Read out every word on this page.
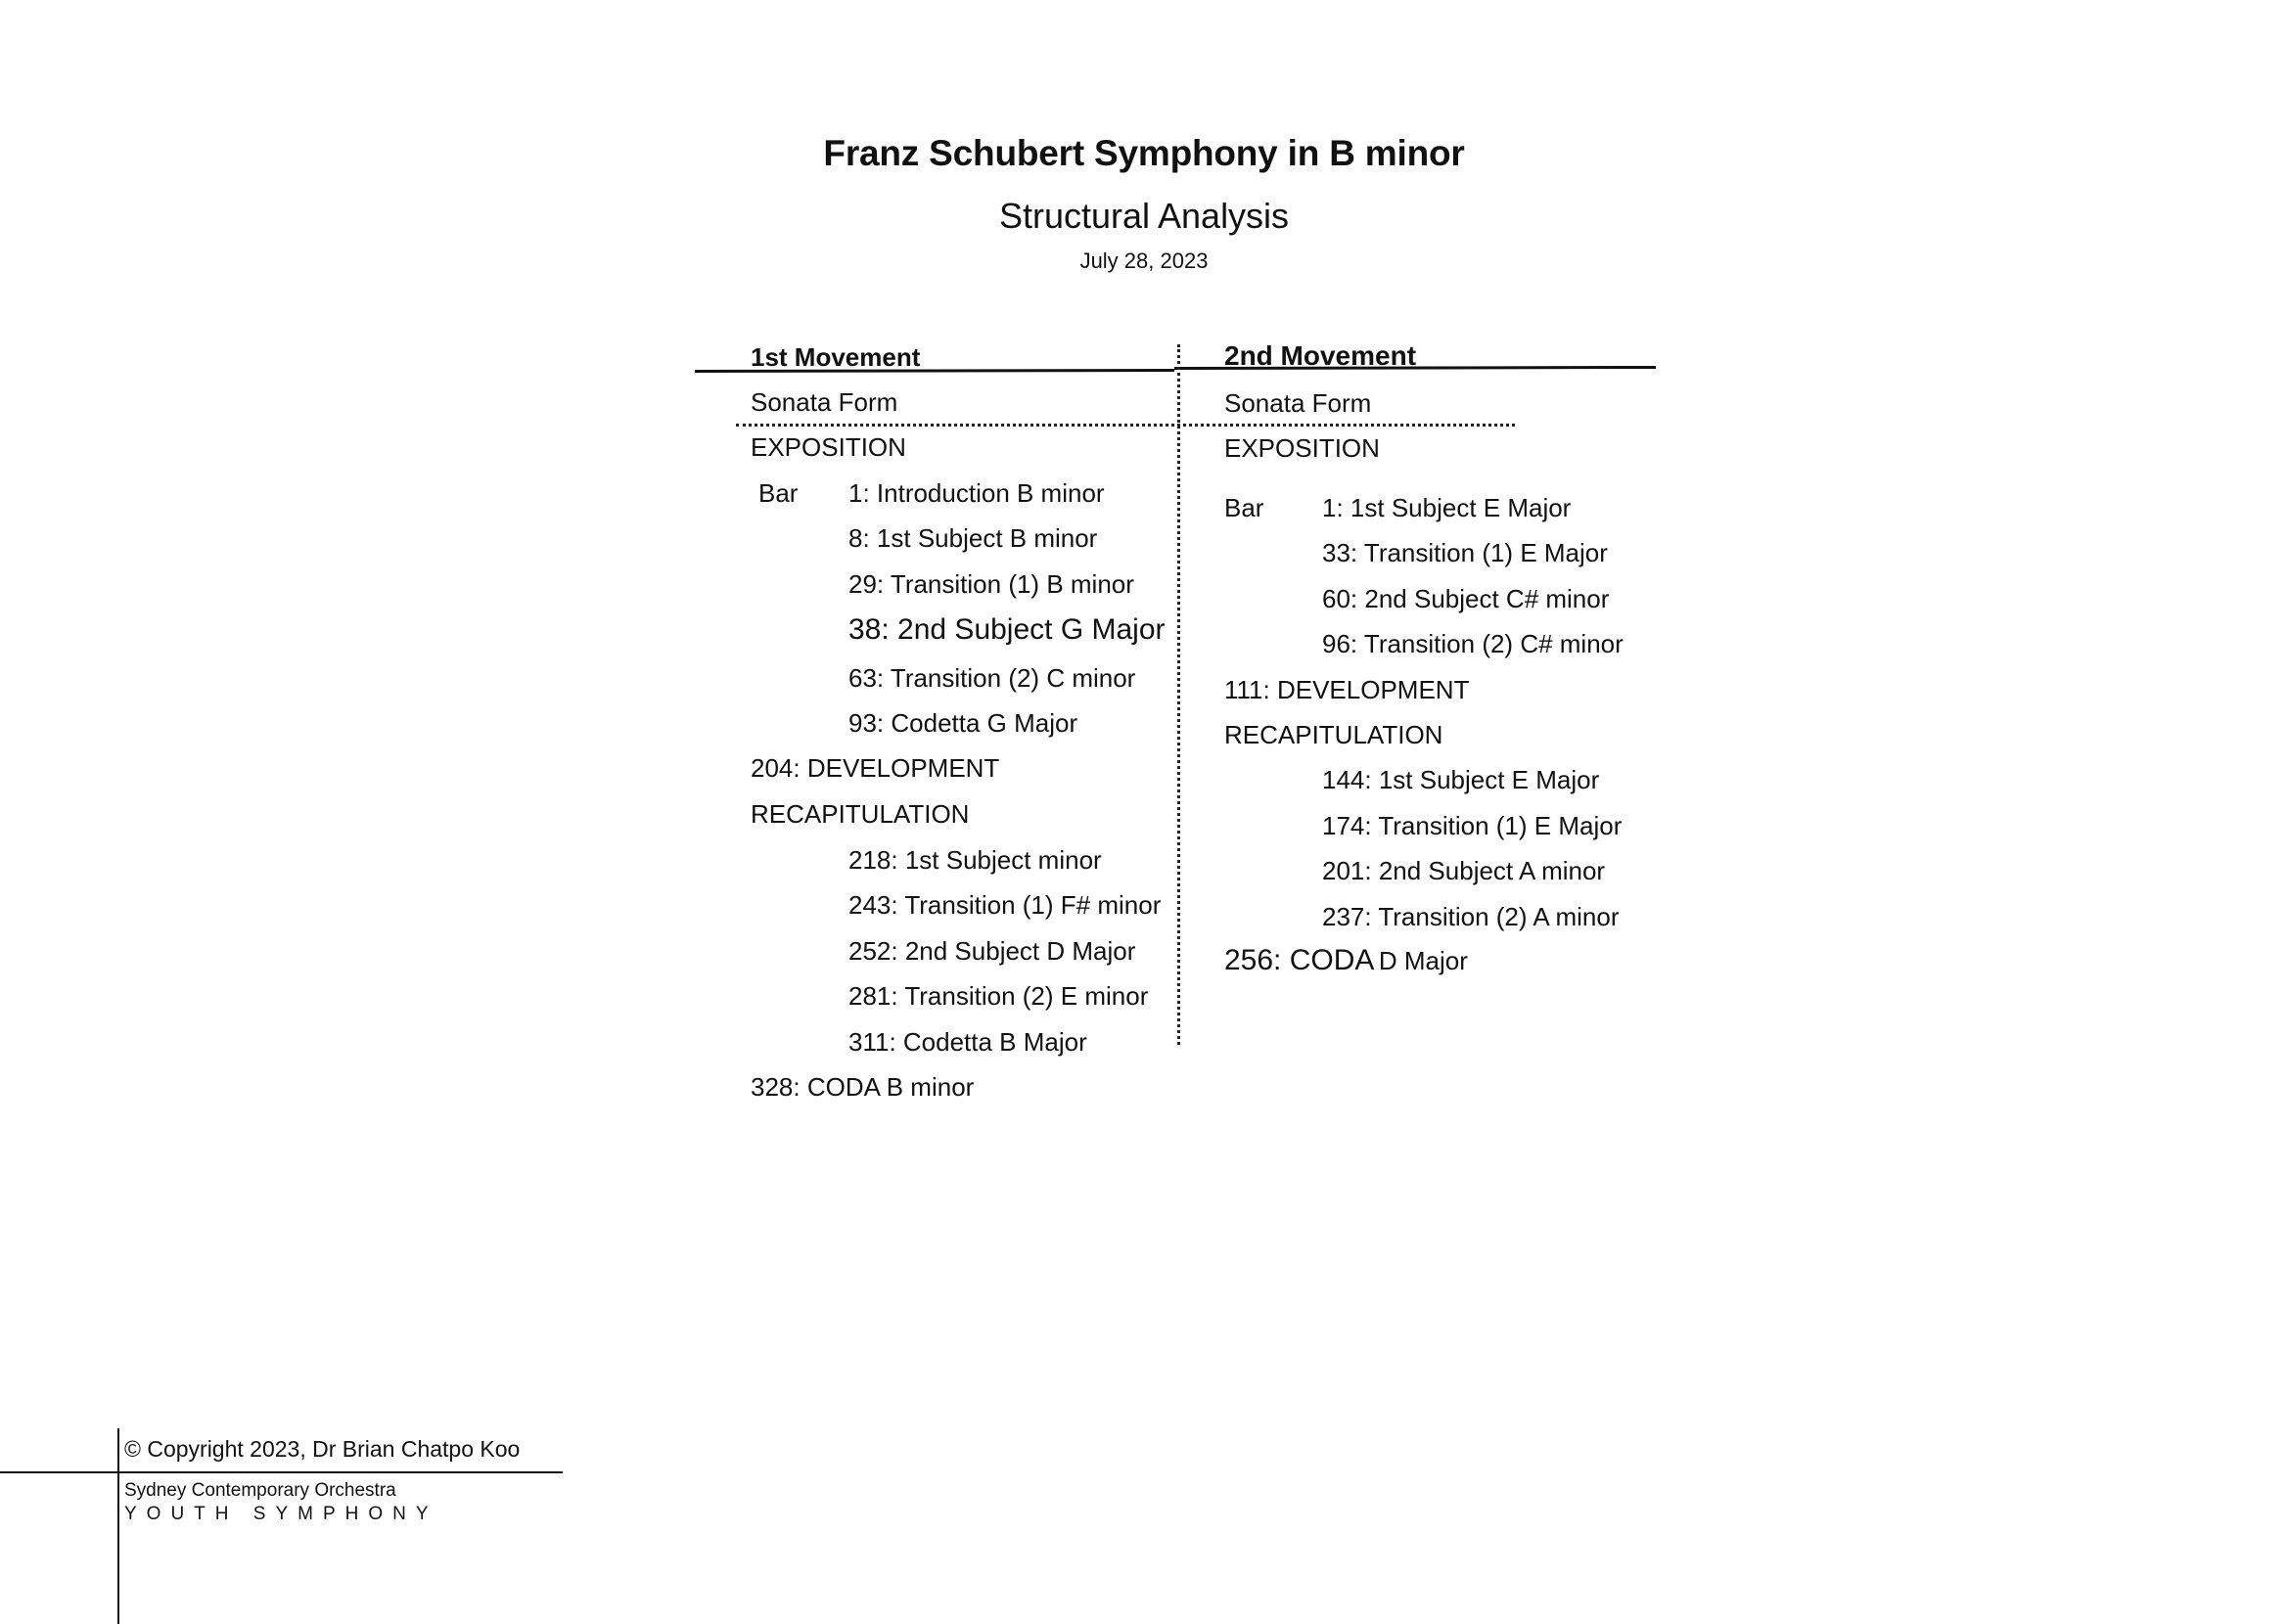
Franz Schubert Symphony in B minor
Structural Analysis
July 28, 2023
1st Movement
Sonata Form
EXPOSITION
Bar 1: Introduction B minor
8: 1st Subject B minor
29: Transition (1) B minor
38: 2nd Subject G Major
63: Transition (2) C minor
93: Codetta G Major
204: DEVELOPMENT
RECAPITULATION
218: 1st Subject minor
243: Transition (1) F# minor
252: 2nd Subject D Major
281: Transition (2) E minor
311: Codetta B Major
328: CODA B minor
2nd Movement
Sonata Form
EXPOSITION
Bar 1: 1st Subject E Major
33: Transition (1) E Major
60: 2nd Subject C# minor
96: Transition (2) C# minor
111: DEVELOPMENT
RECAPITULATION
144: 1st Subject E Major
174: Transition (1) E Major
201: 2nd Subject A minor
237: Transition (2) A minor
256: CODA D Major
© Copyright 2023, Dr Brian Chatpo Koo
Sydney Contemporary Orchestra
YOUTH SYMPHONY
